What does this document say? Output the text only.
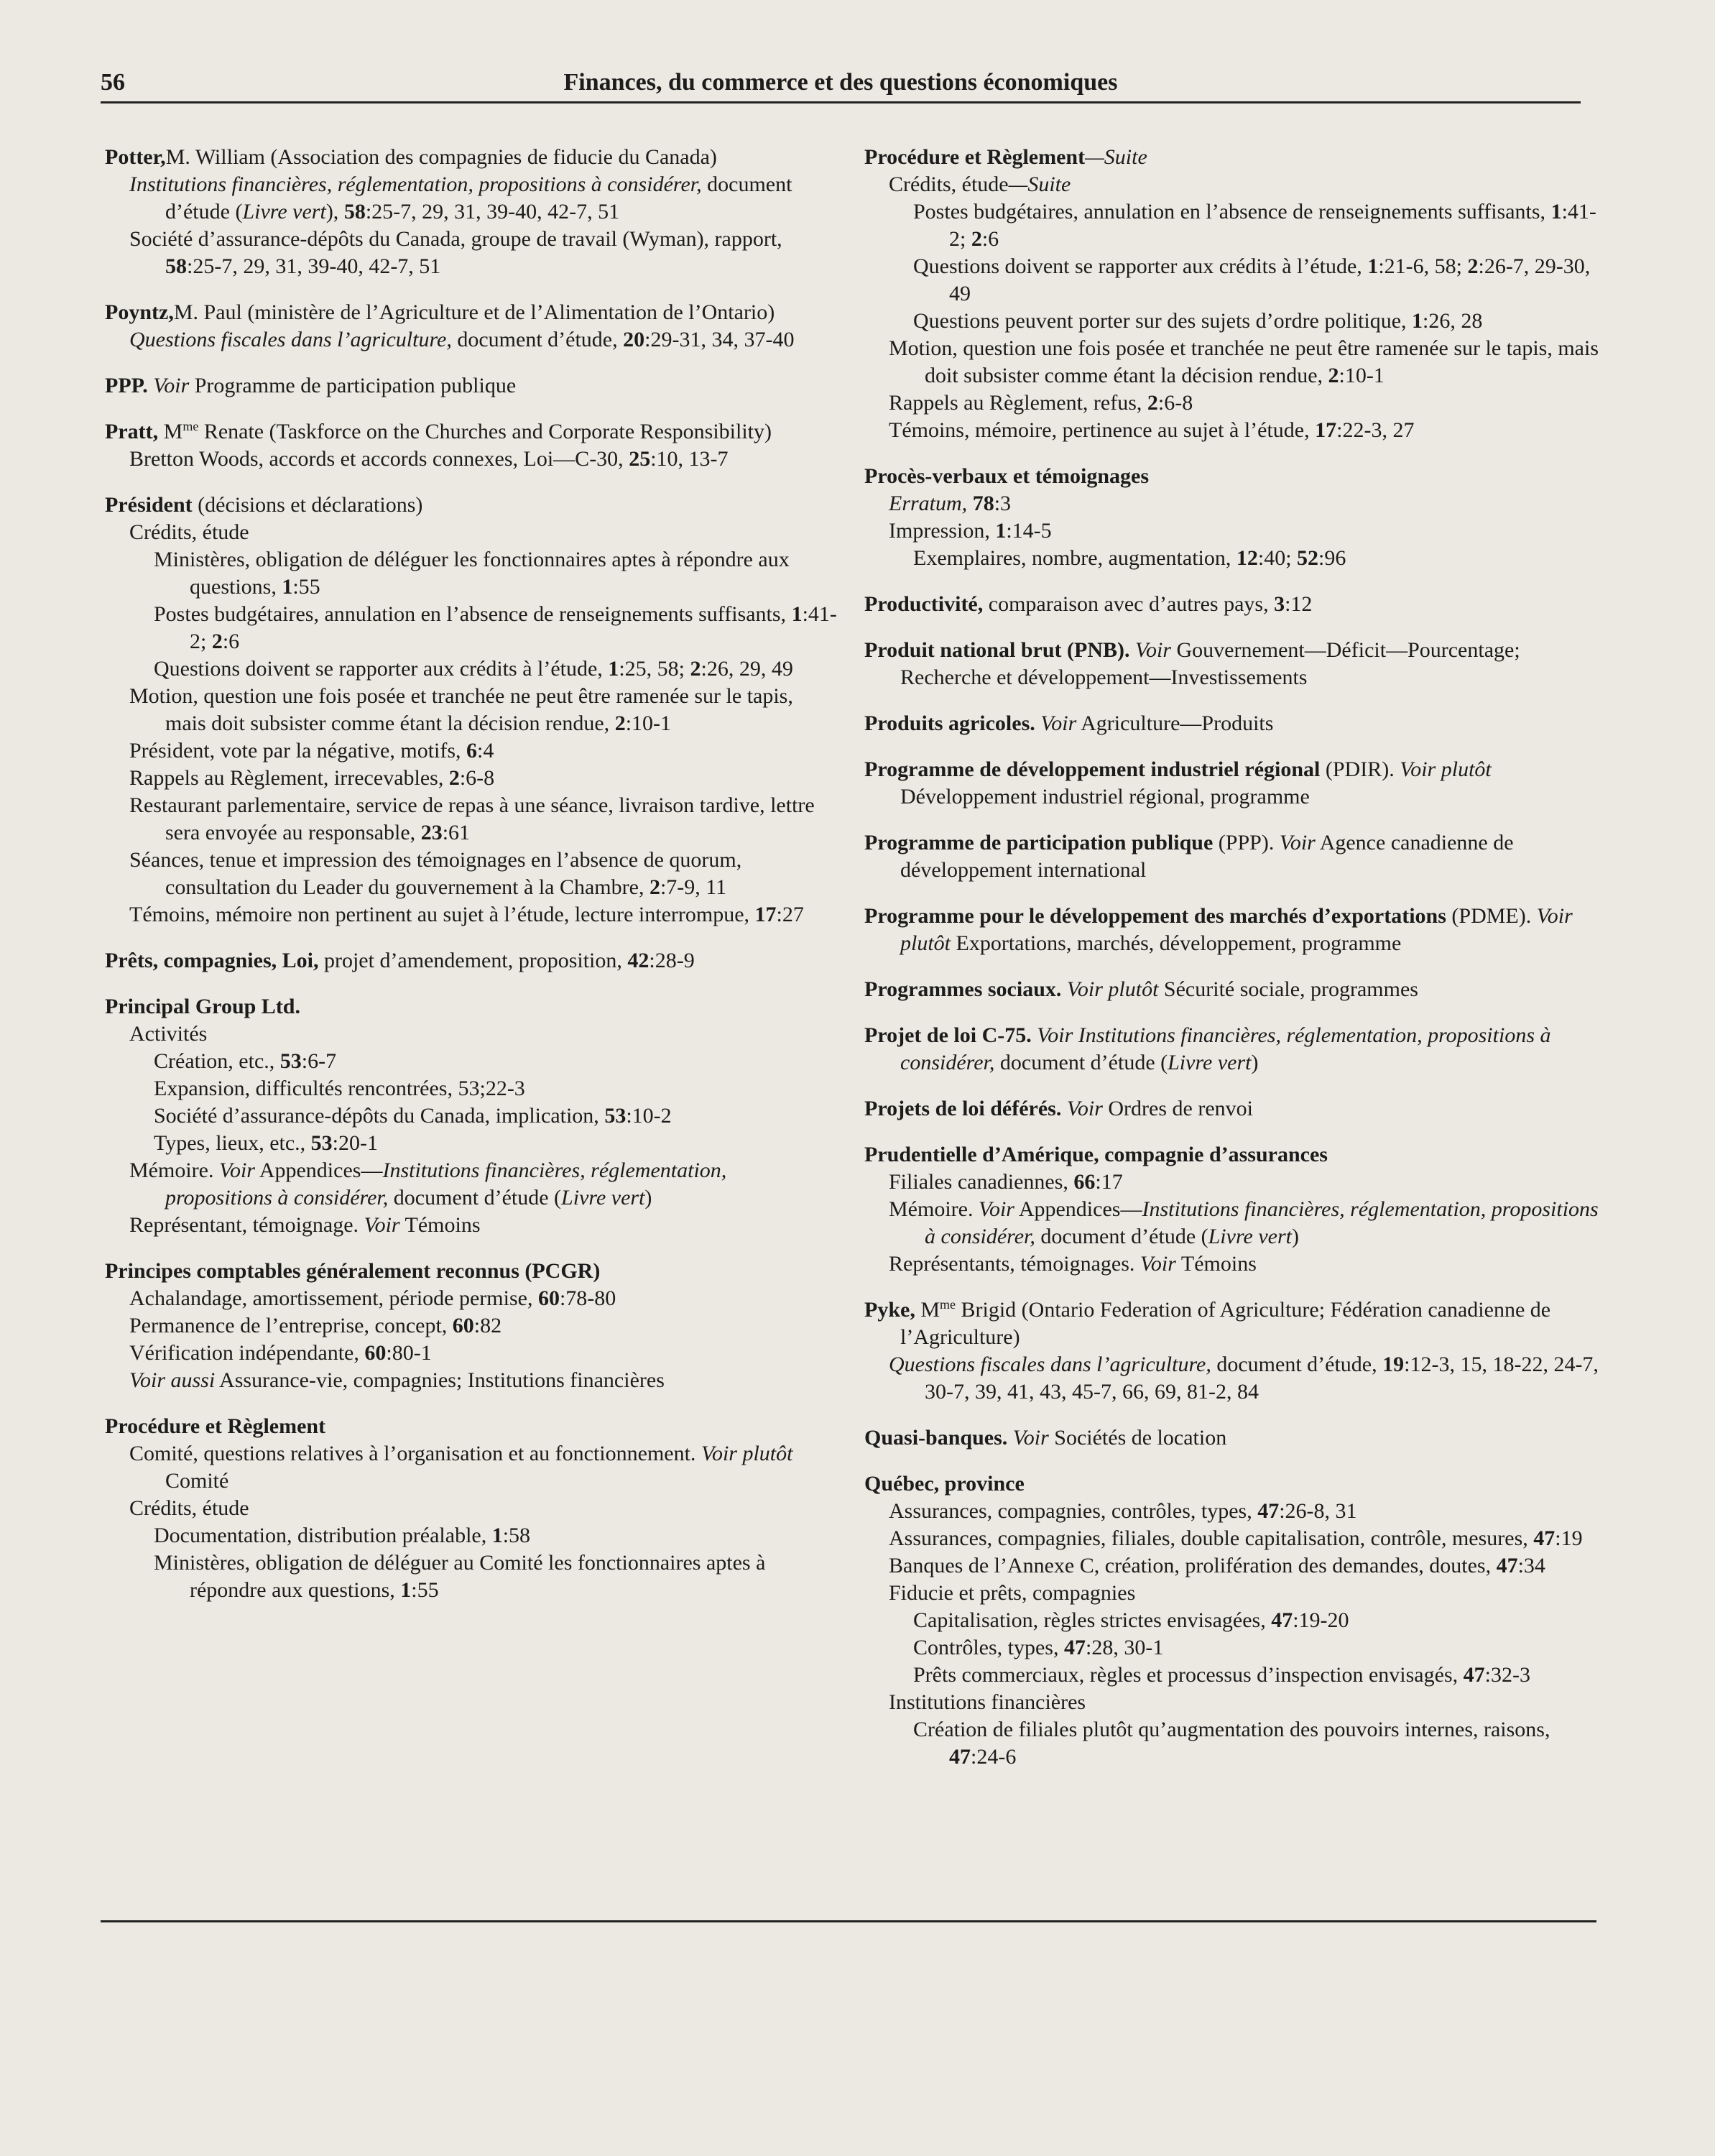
56	Finances, du commerce et des questions économiques
Potter,M. William (Association des compagnies de fiducie du Canada)
Institutions financières, réglementation, propositions à considérer, document d’étude (Livre vert), 58:25-7, 29, 31, 39-40, 42-7, 51
Société d’assurance-dépôts du Canada, groupe de travail (Wyman), rapport, 58:25-7, 29, 31, 39-40, 42-7, 51
Poyntz,M. Paul (ministère de l’Agriculture et de l’Alimentation de l’Ontario)
Questions fiscales dans l’agriculture, document d’étude, 20:29-31, 34, 37-40
PPP. Voir Programme de participation publique
Pratt, $M^{me}$ Renate (Taskforce on the Churches and Corporate Responsibility)
Bretton Woods, accords et accords connexes, Loi—C-30, 25:10, 13-7
Président (décisions et déclarations)
Crédits, étude
Ministères, obligation de déléguer les fonctionnaires aptes à répondre aux questions, 1:55
Postes budgétaires, annulation en l’absence de renseignements suffisants, 1:41-2; 2:6
Questions doivent se rapporter aux crédits à l’étude, 1:25, 58; 2:26, 29, 49
Motion, question une fois posée et tranchée ne peut être ramenée sur le tapis, mais doit subsister comme étant la décision rendue, 2:10-1
Président, vote par la négative, motifs, 6:4
Rappels au Règlement, irrecevables, 2:6-8
Restaurant parlementaire, service de repas à une séance, livraison tardive, lettre sera envoyée au responsable, 23:61
Séances, tenue et impression des témoignages en l’absence de quorum, consultation du Leader du gouvernement à la Chambre, 2:7-9, 11
Témoins, mémoire non pertinent au sujet à l’étude, lecture interrompue, 17:27
Prêts, compagnies, Loi, projet d’amendement, proposition, 42:28-9
Principal Group Ltd.
Activités
Création, etc., 53:6-7
Expansion, difficultés rencontrées, 53;22-3
Société d’assurance-dépôts du Canada, implication, 53:10-2
Types, lieux, etc., 53:20-1
Mémoire. Voir Appendices—Institutions financières, réglementation, propositions à considérer, document d’étude (Livre vert)
Représentant, témoignage. Voir Témoins
Principes comptables généralement reconnus (PCGR)
Achalandage, amortissement, période permise, 60:78-80
Permanence de l’entreprise, concept, 60:82
Vérification indépendante, 60:80-1
Voir aussi Assurance-vie, compagnies; Institutions financières
Procédure et Règlement
Comité, questions relatives à l’organisation et au fonctionnement. Voir plutôt Comité
Crédits, étude
Documentation, distribution préalable, 1:58
Ministères, obligation de déléguer au Comité les fonctionnaires aptes à répondre aux questions, 1:55
Procédure et Règlement—Suite
Crédits, étude—Suite
Postes budgétaires, annulation en l’absence de renseignements suffisants, 1:41-2; 2:6
Questions doivent se rapporter aux crédits à l’étude, 1:21-6, 58; 2:26-7, 29-30, 49
Questions peuvent porter sur des sujets d’ordre politique, 1:26, 28
Motion, question une fois posée et tranchée ne peut être ramenée sur le tapis, mais doit subsister comme étant la décision rendue, 2:10-1
Rappels au Règlement, refus, 2:6-8
Témoins, mémoire, pertinence au sujet à l’étude, 17:22-3, 27
Procès-verbaux et témoignages
Erratum, 78:3
Impression, 1:14-5
Exemplaires, nombre, augmentation, 12:40; 52:96
Productivité, comparaison avec d’autres pays, 3:12
Produit national brut (PNB). Voir Gouvernement—Déficit—Pourcentage; Recherche et développement—Investissements
Produits agricoles. Voir Agriculture—Produits
Programme de développement industriel régional (PDIR). Voir plutôt Développement industriel régional, programme
Programme de participation publique (PPP). Voir Agence canadienne de développement international
Programme pour le développement des marchés d’exportations (PDME). Voir plutôt Exportations, marchés, développement, programme
Programmes sociaux. Voir plutôt Sécurité sociale, programmes
Projet de loi C-75. Voir Institutions financières, réglementation, propositions à considérer, document d’étude (Livre vert)
Projets de loi déférés. Voir Ordres de renvoi
Prudentielle d’Amérique, compagnie d’assurances
Filiales canadiennes, 66:17
Mémoire. Voir Appendices—Institutions financières, réglementation, propositions à considérer, document d’étude (Livre vert)
Représentants, témoignages. Voir Témoins
Pyke, $M^{me}$ Brigid (Ontario Federation of Agriculture; Fédération canadienne de l’Agriculture)
Questions fiscales dans l’agriculture, document d’étude, 19:12-3, 15, 18-22, 24-7, 30-7, 39, 41, 43, 45-7, 66, 69, 81-2, 84
Quasi-banques. Voir Sociétés de location
Québec, province
Assurances, compagnies, contrôles, types, 47:26-8, 31
Assurances, compagnies, filiales, double capitalisation, contrôle, mesures, 47:19
Banques de l’Annexe C, création, prolifération des demandes, doutes, 47:34
Fiducie et prêts, compagnies
Capitalisation, règles strictes envisagées, 47:19-20
Contrôles, types, 47:28, 30-1
Prêts commerciaux, règles et processus d’inspection envisagés, 47:32-3
Institutions financières
Création de filiales plutôt qu’augmentation des pouvoirs internes, raisons, 47:24-6
